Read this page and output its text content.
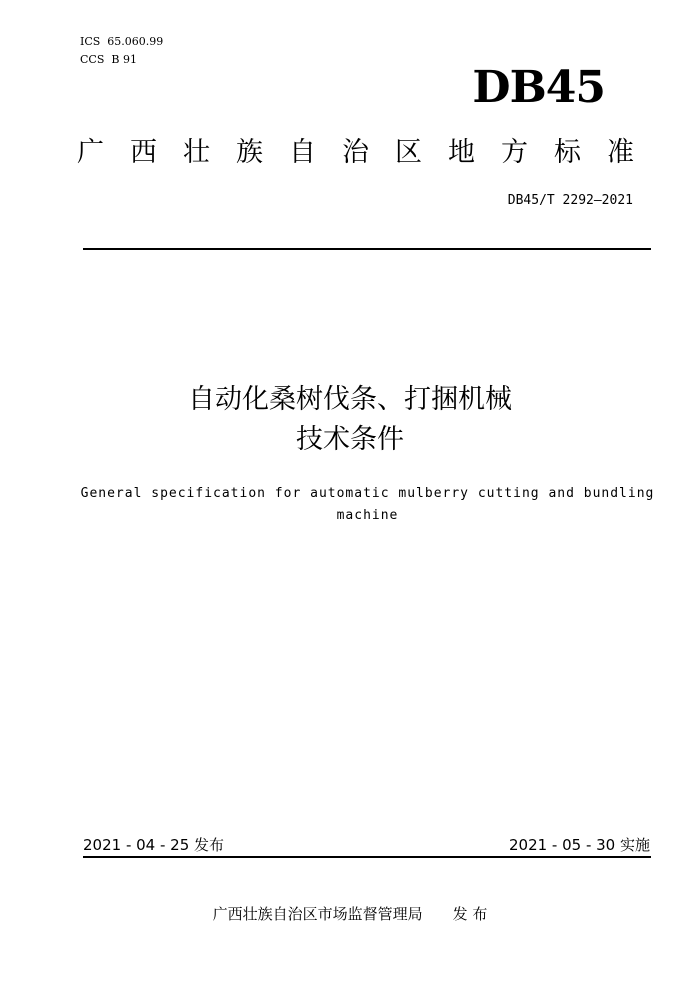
ICS  65.060.99
CCS  B 91
DB45
广西壮族自治区地方标准
DB45/T 2292—2021
自动化桑树伐条、打捆机械
技术条件
General specification for automatic mulberry cutting and bundling machine
2021 - 04 - 25 发布	2021 - 05 - 30 实施
广西壮族自治区市场监督管理局 发 布
